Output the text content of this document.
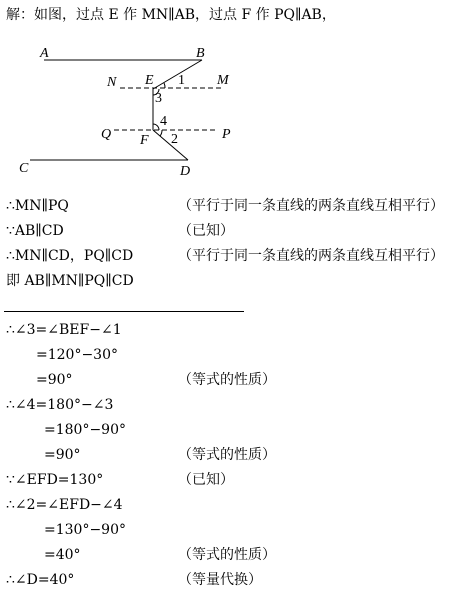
解：如图，过点 E 作 MN∥AB，过点 F 作 PQ∥AB，
A	B
N E	M
1
3
4
Q F 2	P
C	D
∴MN∥PQ	（平行于同一条直线的两条直线互相平行）
∵AB∥CD	（已知）
∴MN∥CD，PQ∥CD	（平行于同一条直线的两条直线互相平行）
即 AB∥MN∥PQ∥CD
∴∠3=∠BEF−∠1
=120°−30°
=90°	（等式的性质）
∴∠4=180°−∠3
=180°−90°
=90°	（等式的性质）
∵∠EFD=130°	（已知）
∴∠2=∠EFD−∠4
=130°−90°
=40°	（等式的性质）
∴∠D=40°	（等量代换）
